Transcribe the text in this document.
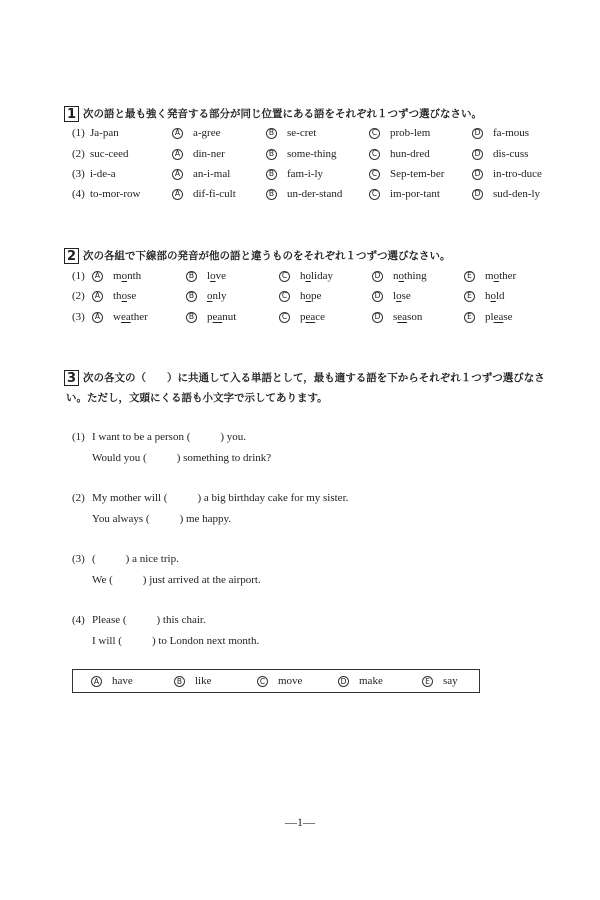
1 次の語と最も強く発音する部分が同じ位置にある語をそれぞれ１つずつ選びなさい。
(1) Ja-pan	A a-gree	B se-cret	C prob-lem	D fa-mous
(2) suc-ceed	A din-ner	B some-thing	C hun-dred	D dis-cuss
(3) i-de-a	A an-i-mal	B fam-i-ly	C Sep-tem-ber	D in-tro-duce
(4) to-mor-row	A dif-fi-cult	B un-der-stand	C im-por-tant	D sud-den-ly
2 次の各組で下線部の発音が他の語と違うものをそれぞれ１つずつ選びなさい。
(1)	A month	B love	C holiday	D nothing	E mother
(2)	A those	B only	C hope	D lose	E hold
(3)	A weather	B peanut	C peace	D season	E please
3 次の各文の（　　）に共通して入る単語として，最も適する語を下からそれぞれ１つずつ選びなさ
い。ただし，文頭にくる語も小文字で示してあります。
(1) I want to be a person (	) you.
Would you (	) something to drink?
(2) My mother will (	) a big birthday cake for my sister.
You always (	) me happy.
(3) (	) a nice trip.
We (	) just arrived at the airport.
(4) Please (	) this chair.
I will (	) to London next month.
A have	B like	C move	D make	E say
—1—
